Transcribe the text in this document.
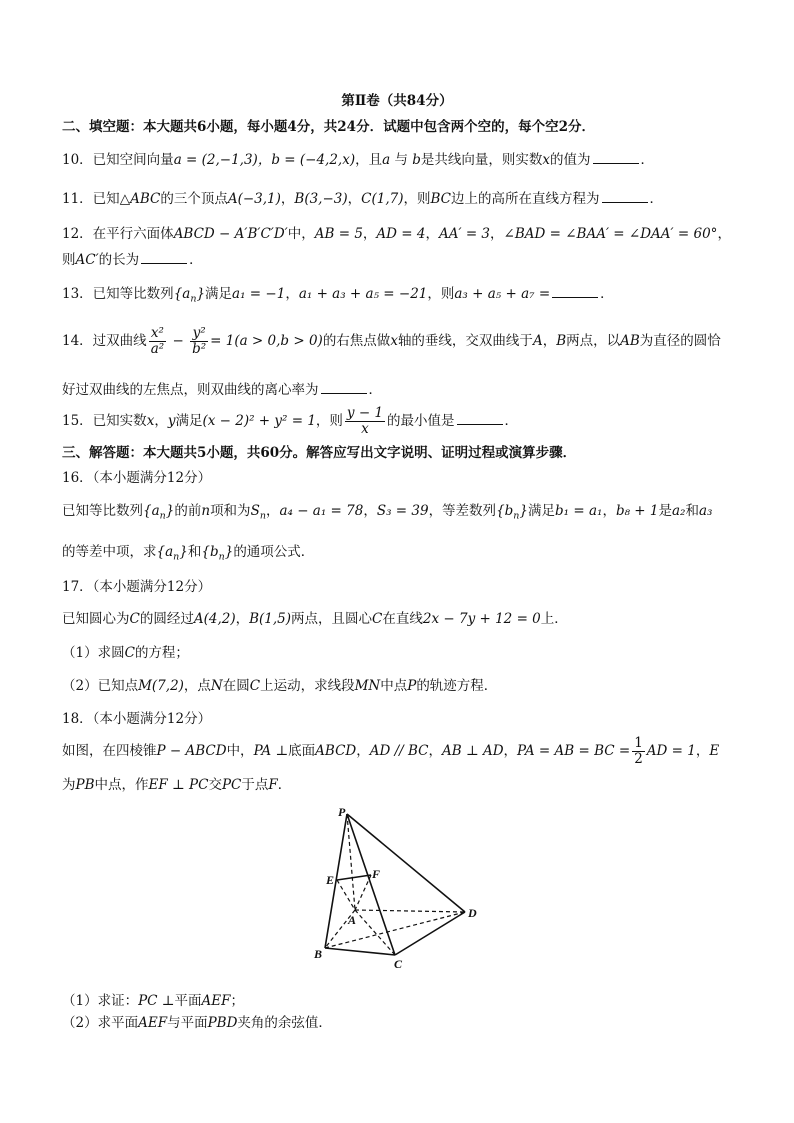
第Ⅱ卷（共84分）
二、填空题：本大题共6小题，每小题4分，共24分．试题中包含两个空的，每个空2分．
10．已知空间向量a = (2,−1,3)，b = (−4,2,x)，且a 与 b是共线向量，则实数x的值为	．
11．已知△ABC的三个顶点A(−3,1)，B(3,−3)，C(1,7)，则BC边上的高所在直线方程为	．
12．在平行六面体ABCD − A′B′C′D′中，AB = 5，AD = 4，AA′ = 3，∠BAD = ∠BAA′ = ∠DAA′ = 60°，
则AC′的长为	．
13．已知等比数列$\{a_n\}$满足a₁ = −1，a₁ + a₃ + a₅ = −21，则a₃ + a₅ + a₇ =	．
14．过双曲线 $\frac{\text{x²}}{\text{a²}} - \frac{\text{y²}}{\text{b²}} = 1(a > 0,b > 0)$的右焦点做x轴的垂线，交双曲线于A，B两点，以AB为直径的圆恰
好过双曲线的左焦点，则双曲线的离心率为	．
15．已知实数x，y满足(x − 2)² + y² = 1，则 $\frac{y - 1}{x}$ 的最小值是	．
三、解答题：本大题共5小题，共60分。解答应写出文字说明、证明过程或演算步骤．
16．（本小题满分12分）
已知等比数列$\{a_n\}$的前n项和为$S_n$，a₄ − a₁ = 78，S₃ = 39，等差数列$\{b_n\}$满足b₁ = a₁，b₈ + 1是a₂和a₃
的等差中项，求$\{a_n\}$和$\{b_n\}$的通项公式．
17．（本小题满分12分）
已知圆心为C的圆经过A(4,2)，B(1,5)两点，且圆心C在直线2x − 7y + 12 = 0上．
（1）求圆C的方程；
（2）已知点M(7,2)，点N在圆C上运动，求线段MN中点P的轨迹方程．
18．（本小题满分12分）
如图，在四棱锥P − ABCD中，PA ⊥底面ABCD，AD // BC，AB ⊥ AD，PA = AB = BC = $\frac{1}{2}$ AD = 1，E
为PB中点，作EF ⊥ PC交PC于点F．
P
E	F
A
B
C
D
（1）求证：PC ⊥平面AEF；
（2）求平面AEF与平面PBD夹角的余弦值．
